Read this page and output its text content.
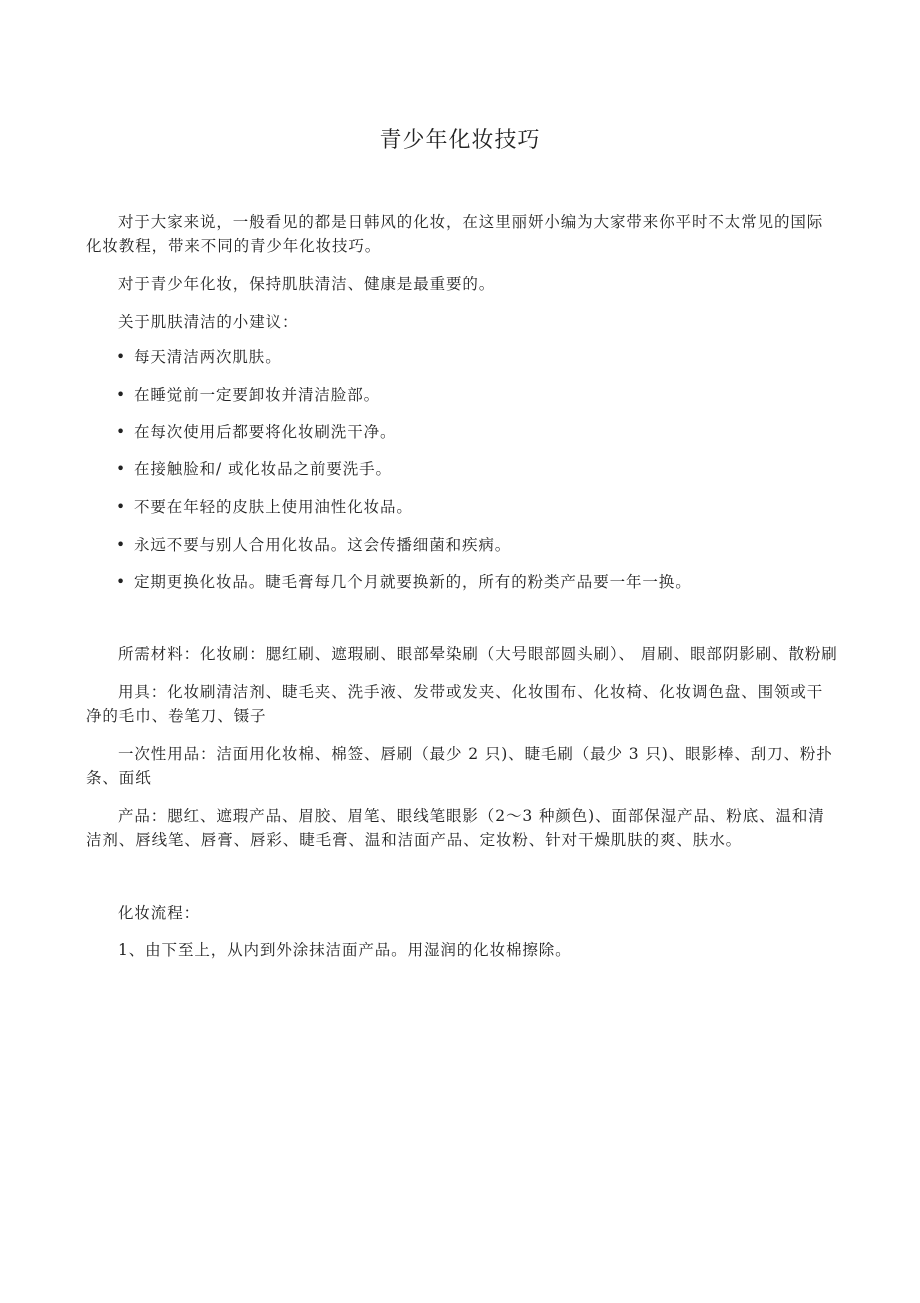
青少年化妆技巧

对于大家来说，一般看见的都是日韩风的化妆，在这里丽妍小编为大家带来你平时不太常见的国际化妆教程，带来不同的青少年化妆技巧。

对于青少年化妆，保持肌肤清洁、健康是最重要的。

关于肌肤清洁的小建议：

• 每天清洁两次肌肤。
• 在睡觉前一定要卸妆并清洁脸部。
• 在每次使用后都要将化妆刷洗干净。
• 在接触脸和/ 或化妆品之前要洗手。
• 不要在年轻的皮肤上使用油性化妆品。
• 永远不要与别人合用化妆品。这会传播细菌和疾病。
• 定期更换化妆品。睫毛膏每几个月就要换新的，所有的粉类产品要一年一换。

所需材料：化妆刷：腮红刷、遮瑕刷、眼部晕染刷（大号眼部圆头刷）、 眉刷、眼部阴影刷、散粉刷

用具：化妆刷清洁剂、睫毛夹、洗手液、发带或发夹、化妆围布、化妆椅、化妆调色盘、围领或干净的毛巾、卷笔刀、镊子

一次性用品：洁面用化妆棉、棉签、唇刷（最少 2 只)、睫毛刷（最少 3 只)、眼影棒、刮刀、粉扑条、面纸

产品：腮红、遮瑕产品、眉胶、眉笔、眼线笔眼影（2～3 种颜色)、面部保湿产品、粉底、温和清洁剂、唇线笔、唇膏、唇彩、睫毛膏、温和洁面产品、定妆粉、针对干燥肌肤的爽、肤水。

化妆流程：

1、由下至上，从内到外涂抹洁面产品。用湿润的化妆棉擦除。
